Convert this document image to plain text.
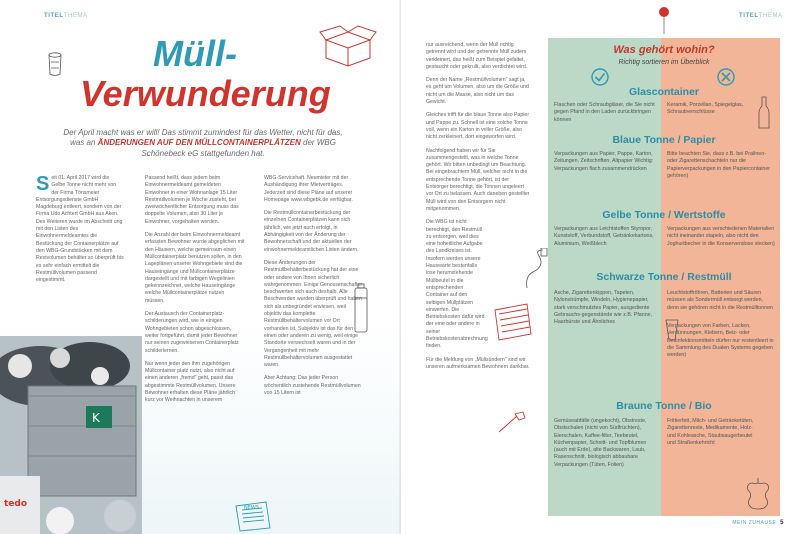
TITELTHEMA
Müll-
Verwunderung
Der April macht was er will! Das stimmt zumindest für das Wetter, nicht für das, was an ÄNDERUNGEN AUF DEN MÜLLCONTAINERPLÄTZEN der WBG Schönebeck eG stattgefunden hat.

Seit 01. April 2017 wird die Gelbe Tonne nicht mehr von der Firma Tönsmeier Entsorgungsdienste GmbH Magdeburg entleert, sondern von der Firma Udo Achtert GmbH aus Aken. Des Weiteren wurde im Abschnitt ung mit den Listen des Einwohnermeldeamtes die Bestückung der Containerplätze auf den WBG-Grundstücken mit dem Restvolumen behälter so überprüft bis es sehr einfach ermittelt die Restmüllvolumen passend eingestimmt.

Passend heißt, dass jedem beim Einwohnermeldeamt gemeldeten Einwohner in einer Wohnanlage 15 Liter Restmüllvolumen je Woche zusteht, bei zweiwöchentlicher Entsorgung muss das doppelte Volumen, also 30 Liter je Einwohner, vorgehalten werden.

Die Anzahl der beim Einwohnermeldeamt erfassten Bewohner wurde abgeglichen mit den Häusern, welche gemeinsam einen Müllcontainerplatz benutzen sollen, in den Lageplänen unserer Wohngebiete sind die Hauseingänge und Müllcontainerplätze dargestellt und mit farbigen Wegelinien gekennzeichnet, welche Hauseingänge welche Müllcontainerplätze nutzen müssen.

Der Austausch der Containerplatz-schilderungen wird, wie in einigen Wohngebieten schon abgeschlossen, weiter fortgeführt, damit jeder Bewohner nur seinen zugewiesenen Containerplatz schilderlernen.

Nur wenn jeder den ihm zugehörigen Müllcontainer platz nutzt, also nicht auf einen anderen „fremd" geht, passt das abgestimmte Restmüllvolumen. Unsere Bewohner erhalten diese Pläne jährlich kurz vor Weihnachten in unserem

WBG-Servicehaft. Neumieter mit der Aushändigung ihrer Mietverträges. Jederzeit sind diese Pläne auf unserer Homepage www.wbgebk.de verfügbar.

Die Restmüllcontainerbestückung der einzelnen Containerplätzen kann sich jährlich, wie jetzt auch erfolgt, in Abhängigkeit von der Änderung der Bewohnerschaft und der aktuellen der einwohnermeldeamtlichen Listen ändern.

Diese Änderungen der Restmüllbehälterbestückung hat der eine oder andere von Ihnen sicherlich wahrgenommen. Einige Genossenschafter beschwerten sich auch deshalb. Alle Beschwerden wurden überprüft und haben sich als unbegründet erwiesen, weil objektiv das komplette Restmüllbehältervolumen vor Ort vorhanden ist. Subjektiv ist das für den einen oder anderen zu wenig, weil einige Standorte verwechselt waren und in der Vergangenheit mit mehr Restmüllbehältervolumen ausgestattet waren.

Aber Achtung: Das jeder Person wöchentlich zustehende Restmüllvolumen von 15 Litern ist

NEWS
K
tedo
TITELTHEMA

nur ausreichend, wenn der Müll richtig getrennt wird und der getrennte Müll zudem verkleinert, das heißt zum Beispiel gefaltet, gestaucht oder gekrullt, also verdichtet wird.

Denn der Name „Restmüllvolumen" sagt ja, es geht um Volumen, also um die Größe und nicht um die Masse, also nicht um das Gewicht.

Gleiches trifft für die blaue Tonne also Papier und Pappe zu. Schnell ist eine solche Tonne voll, wenn ein Karton in voller Größe, also nicht zerkleinert, dort eingeworfen wird.

Nachfolgend haben wir für Sie zusammengestellt, was in welche Tonne gehört. Wir bitten unbedingt um Beachtung. Bei eingebrachtem Müll, welcher nicht in die entsprechende Tonne gehört, ist der Entsorger berechtigt, die Tonnen ungeleert vor Ort zu belassen. Auch daneben gestellter Müll wird von den Entsorgern nicht mitgenommen.

Die WBG ist nicht berechtigt, den Restmüll zu entsorgen, weil dies eine hoheitliche Aufgabe des Landkreises ist. Insofern werden unsere Hauswarte bestenfalls lose herumstehende Müllbeutel in die entsprechenden Container auf den selbigen Müllplätzen einwerfen. Die Betriebskosten dafür wird der eine oder andere in seiner Betriebskostenabrechnung finden.

Für die Meldung von „Müllsündern" sind wir unseren aufmerksamen Bewohnern dankbar.

Was gehört wohin?
Richtig sortieren im Überblick
Glascontainer
Flaschen oder Schraubgläser, die Sie nicht gegen Pfand in den Laden zurückbringen können
Keramik, Porzellan, Spiegelglas, Schraubverschlüsse
Blaue Tonne / Papier
Verpackungen aus Papier, Pappe, Karton, Zeitungen, Zeitschriften, Altpapier Wichtig: Verpackungen flach zusammendrücken
Bitte beachten Sie, dass z.B. bei Pralinen- oder Zigarettenschachteln nur die Papierverpackungen in den Papiercontainer gehören)
Gelbe Tonne / Wertstoffe
Verpackungen aus Leichtstoffen Styropor, Kunststoff, Verbundstoff, Getränkekartons, Aluminium, Weißblech
Verpackungen aus verschiedenen Materialien nicht ineinander stapeln, also nicht den Joghurtbecher in die Konservendose stecken)
Schwarze Tonne / Restmüll
Asche, Zigarettenkippen, Tapeten, Nylonstrümpfe, Windeln, Hygienepapier, stark verschmutztes Papier, ausgediente Gebrauchs-gegenstände wie z.B. Pfanne, Haarbürste und Ähnliches
Leuchtstoffröhren, Batterien und Säuren müssen als Sondermüll entsorgt werden, denn sie gehören nicht in die Restmülltonnen
Verpackungen von Farben, Lacken, Verdünnungen, Klebern, Beiz- oder Desinfektionsmitteln dürfen nur restentleert in die Sammlung des Dualen Systems gegeben werden)
Braune Tonne / Bio
Gemüseabfälle (ungekocht), Obstreste, Obstschalen (nicht von Südfrüchten), Eierschalen, Kaffee-filter, Teebeutel, Küchenpapier, Schnitt- und Topfblumen (auch mit Erde), alte Backwaren, Laub, Rasenschnitt, biologisch abbaubare Verpackungen (Tüten, Folien)
Frittierfett, Milch- und Getränketüten, Zigarettenreste, Medikamente, Holz- und Kohleasche, Staubsaugerbeutel und Straßenkehricht
MEIN ZUHAUSE 5
